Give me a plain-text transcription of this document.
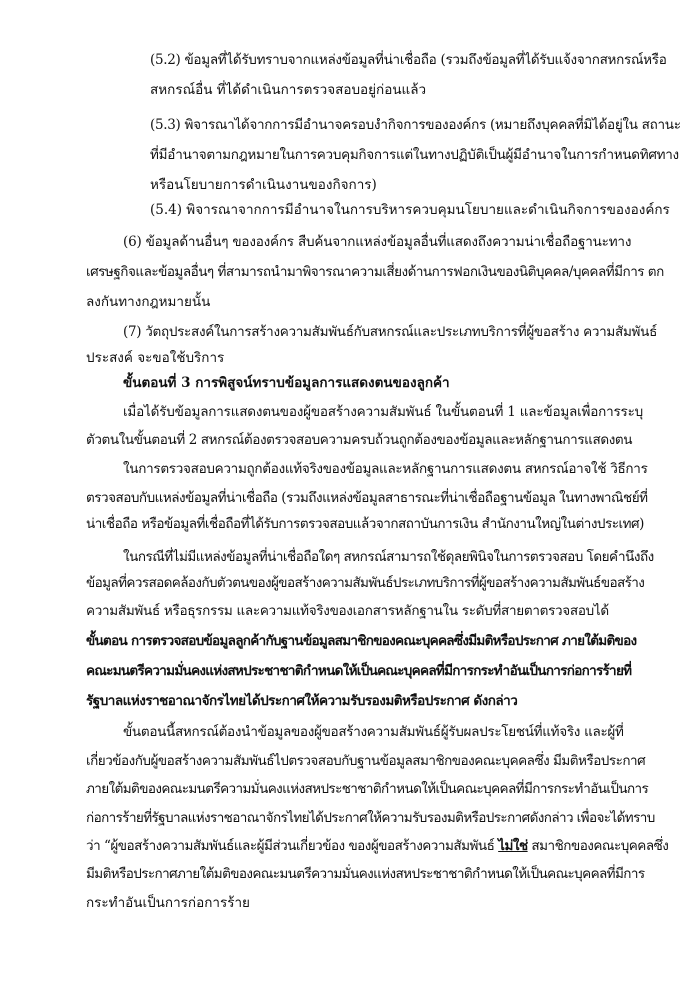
(5.2) ข้อมูลที่ได้รับทราบจากแหล่งข้อมูลที่น่าเชื่อถือ (รวมถึงข้อมูลที่ได้รับแจ้งจากสหกรณ์หรือ
สหกรณ์อื่น ที่ได้ดำเนินการตรวจสอบอยู่ก่อนแล้ว
(5.3) พิจารณาได้จากการมีอำนาจครอบงำกิจการขององค์กร (หมายถึงบุคคลที่มิได้อยู่ใน สถานะ
ที่มีอำนาจตามกฎหมายในการควบคุมกิจการแต่ในทางปฏิบัติเป็นผู้มีอำนาจในการกำหนดทิศทาง
หรือนโยบายการดำเนินงานของกิจการ)
(5.4) พิจารณาจากการมีอำนาจในการบริหารควบคุมนโยบายและดำเนินกิจการขององค์กร
(6) ข้อมูลด้านอื่นๆ ขององค์กร สืบค้นจากแหล่งข้อมูลอื่นที่แสดงถึงความน่าเชื่อถือฐานะทาง
เศรษฐกิจและข้อมูลอื่นๆ ที่สามารถนำมาพิจารณาความเสี่ยงด้านการฟอกเงินของนิติบุคคล/บุคคลที่มีการ ตก
ลงกันทางกฎหมายนั้น
(7) วัตถุประสงค์ในการสร้างความสัมพันธ์กับสหกรณ์และประเภทบริการที่ผู้ขอสร้าง ความสัมพันธ์
ประสงค์ จะขอใช้บริการ
ขั้นตอนที่ 3 การพิสูจน์ทราบข้อมูลการแสดงตนของลูกค้า
เมื่อได้รับข้อมูลการแสดงตนของผู้ขอสร้างความสัมพันธ์ ในขั้นตอนที่ 1 และข้อมูลเพื่อการระบุ
ตัวตนในขั้นตอนที่ 2 สหกรณ์ต้องตรวจสอบความครบถ้วนถูกต้องของข้อมูลและหลักฐานการแสดงตน
ในการตรวจสอบความถูกต้องแท้จริงของข้อมูลและหลักฐานการแสดงตน สหกรณ์อาจใช้ วิธีการ
ตรวจสอบกับแหล่งข้อมูลที่น่าเชื่อถือ (รวมถึงแหล่งข้อมูลสาธารณะที่น่าเชื่อถือฐานข้อมูล ในทางพาณิชย์ที่
น่าเชื่อถือ หรือข้อมูลที่เชื่อถือที่ได้รับการตรวจสอบแล้วจากสถาบันการเงิน สำนักงานใหญ่ในต่างประเทศ)
ในกรณีที่ไม่มีแหล่งข้อมูลที่น่าเชื่อถือใดๆ สหกรณ์สามารถใช้ดุลยพินิจในการตรวจสอบ โดยคำนึงถึง
ข้อมูลที่ควรสอดคล้องกับตัวตนของผู้ขอสร้างความสัมพันธ์ประเภทบริการที่ผู้ขอสร้างความสัมพันธ์ขอสร้าง
ความสัมพันธ์ หรือธุรกรรม และความแท้จริงของเอกสารหลักฐานใน ระดับที่สายตาตรวจสอบได้
ขั้นตอน การตรวจสอบข้อมูลลูกค้ากับฐานข้อมูลสมาชิกของคณะบุคคลซึ่งมีมติหรือประกาศ ภายใต้มติของ
คณะมนตรีความมั่นคงแห่งสหประชาชาติกำหนดให้เป็นคณะบุคคลที่มีการกระทำอันเป็นการก่อการร้ายที่
รัฐบาลแห่งราชอาณาจักรไทยได้ประกาศให้ความรับรองมติหรือประกาศ ดังกล่าว
ขั้นตอนนี้สหกรณ์ต้องนำข้อมูลของผู้ขอสร้างความสัมพันธ์ผู้รับผลประโยชน์ที่แท้จริง และผู้ที่
เกี่ยวข้องกับผู้ขอสร้างความสัมพันธ์ไปตรวจสอบกับฐานข้อมูลสมาชิกของคณะบุคคลซึ่ง มีมติหรือประกาศ
ภายใต้มติของคณะมนตรีความมั่นคงแห่งสหประชาชาติกำหนดให้เป็นคณะบุคคลที่มีการกระทำอันเป็นการ
ก่อการร้ายที่รัฐบาลแห่งราชอาณาจักรไทยได้ประกาศให้ความรับรองมติหรือประกาศดังกล่าว เพื่อจะได้ทราบ
ว่า “ผู้ขอสร้างความสัมพันธ์และผู้มีส่วนเกี่ยวข้อง ของผู้ขอสร้างความสัมพันธ์ ไม่ใช่ สมาชิกของคณะบุคคลซึ่ง
มีมติหรือประกาศภายใต้มติของคณะมนตรีความมั่นคงแห่งสหประชาชาติกำหนดให้เป็นคณะบุคคลที่มีการ
กระทำอันเป็นการก่อการร้าย
